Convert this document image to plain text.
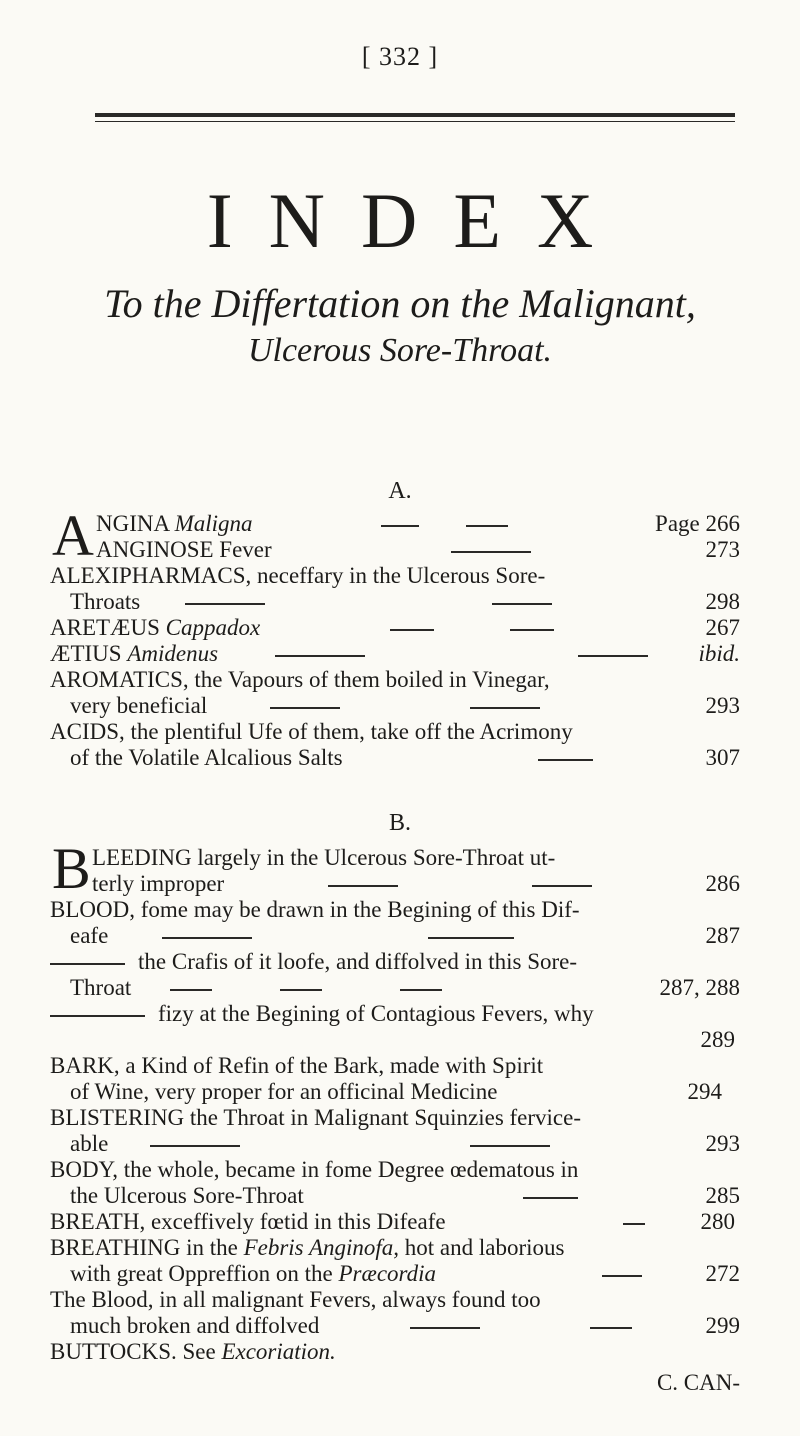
[ 332 ]
INDEX
To the Differtation on the Malignant,
Ulcerous Sore-Throat.
A.
A NGINA Maligna	Page 266
ANGINOSE Fever	273
ALEXIPHARMACS, neceffary in the Ulcerous Sore-
Throats	298
ARETÆUS Cappadox	267
ÆTIUS Amidenus	ibid.
AROMATICS, the Vapours of them boiled in Vinegar,
very beneficial	293
ACIDS, the plentiful Ufe of them, take off the Acrimony
of the Volatile Alcalious Salts	307
B.
B LEEDING largely in the Ulcerous Sore-Throat ut-
terly improper	286
BLOOD, fome may be drawn in the Begining of this Dif-
eafe	287
the Crafis of it loofe, and diffolved in this Sore-
Throat	287, 288
fizy at the Begining of Contagious Fevers, why
289
BARK, a Kind of Refin of the Bark, made with Spirit
of Wine, very proper for an officinal Medicine	294
BLISTERING the Throat in Malignant Squinzies fervice-
able	293
BODY, the whole, became in fome Degree œdematous in
the Ulcerous Sore-Throat	285
BREATH, exceffively fœtid in this Difeafe	280
BREATHING in the Febris Anginofa, hot and laborious
with great Oppreffion on the Præcordia	272
The Blood, in all malignant Fevers, always found too
much broken and diffolved	299
BUTTOCKS. See Excoriation.
C. CAN-
